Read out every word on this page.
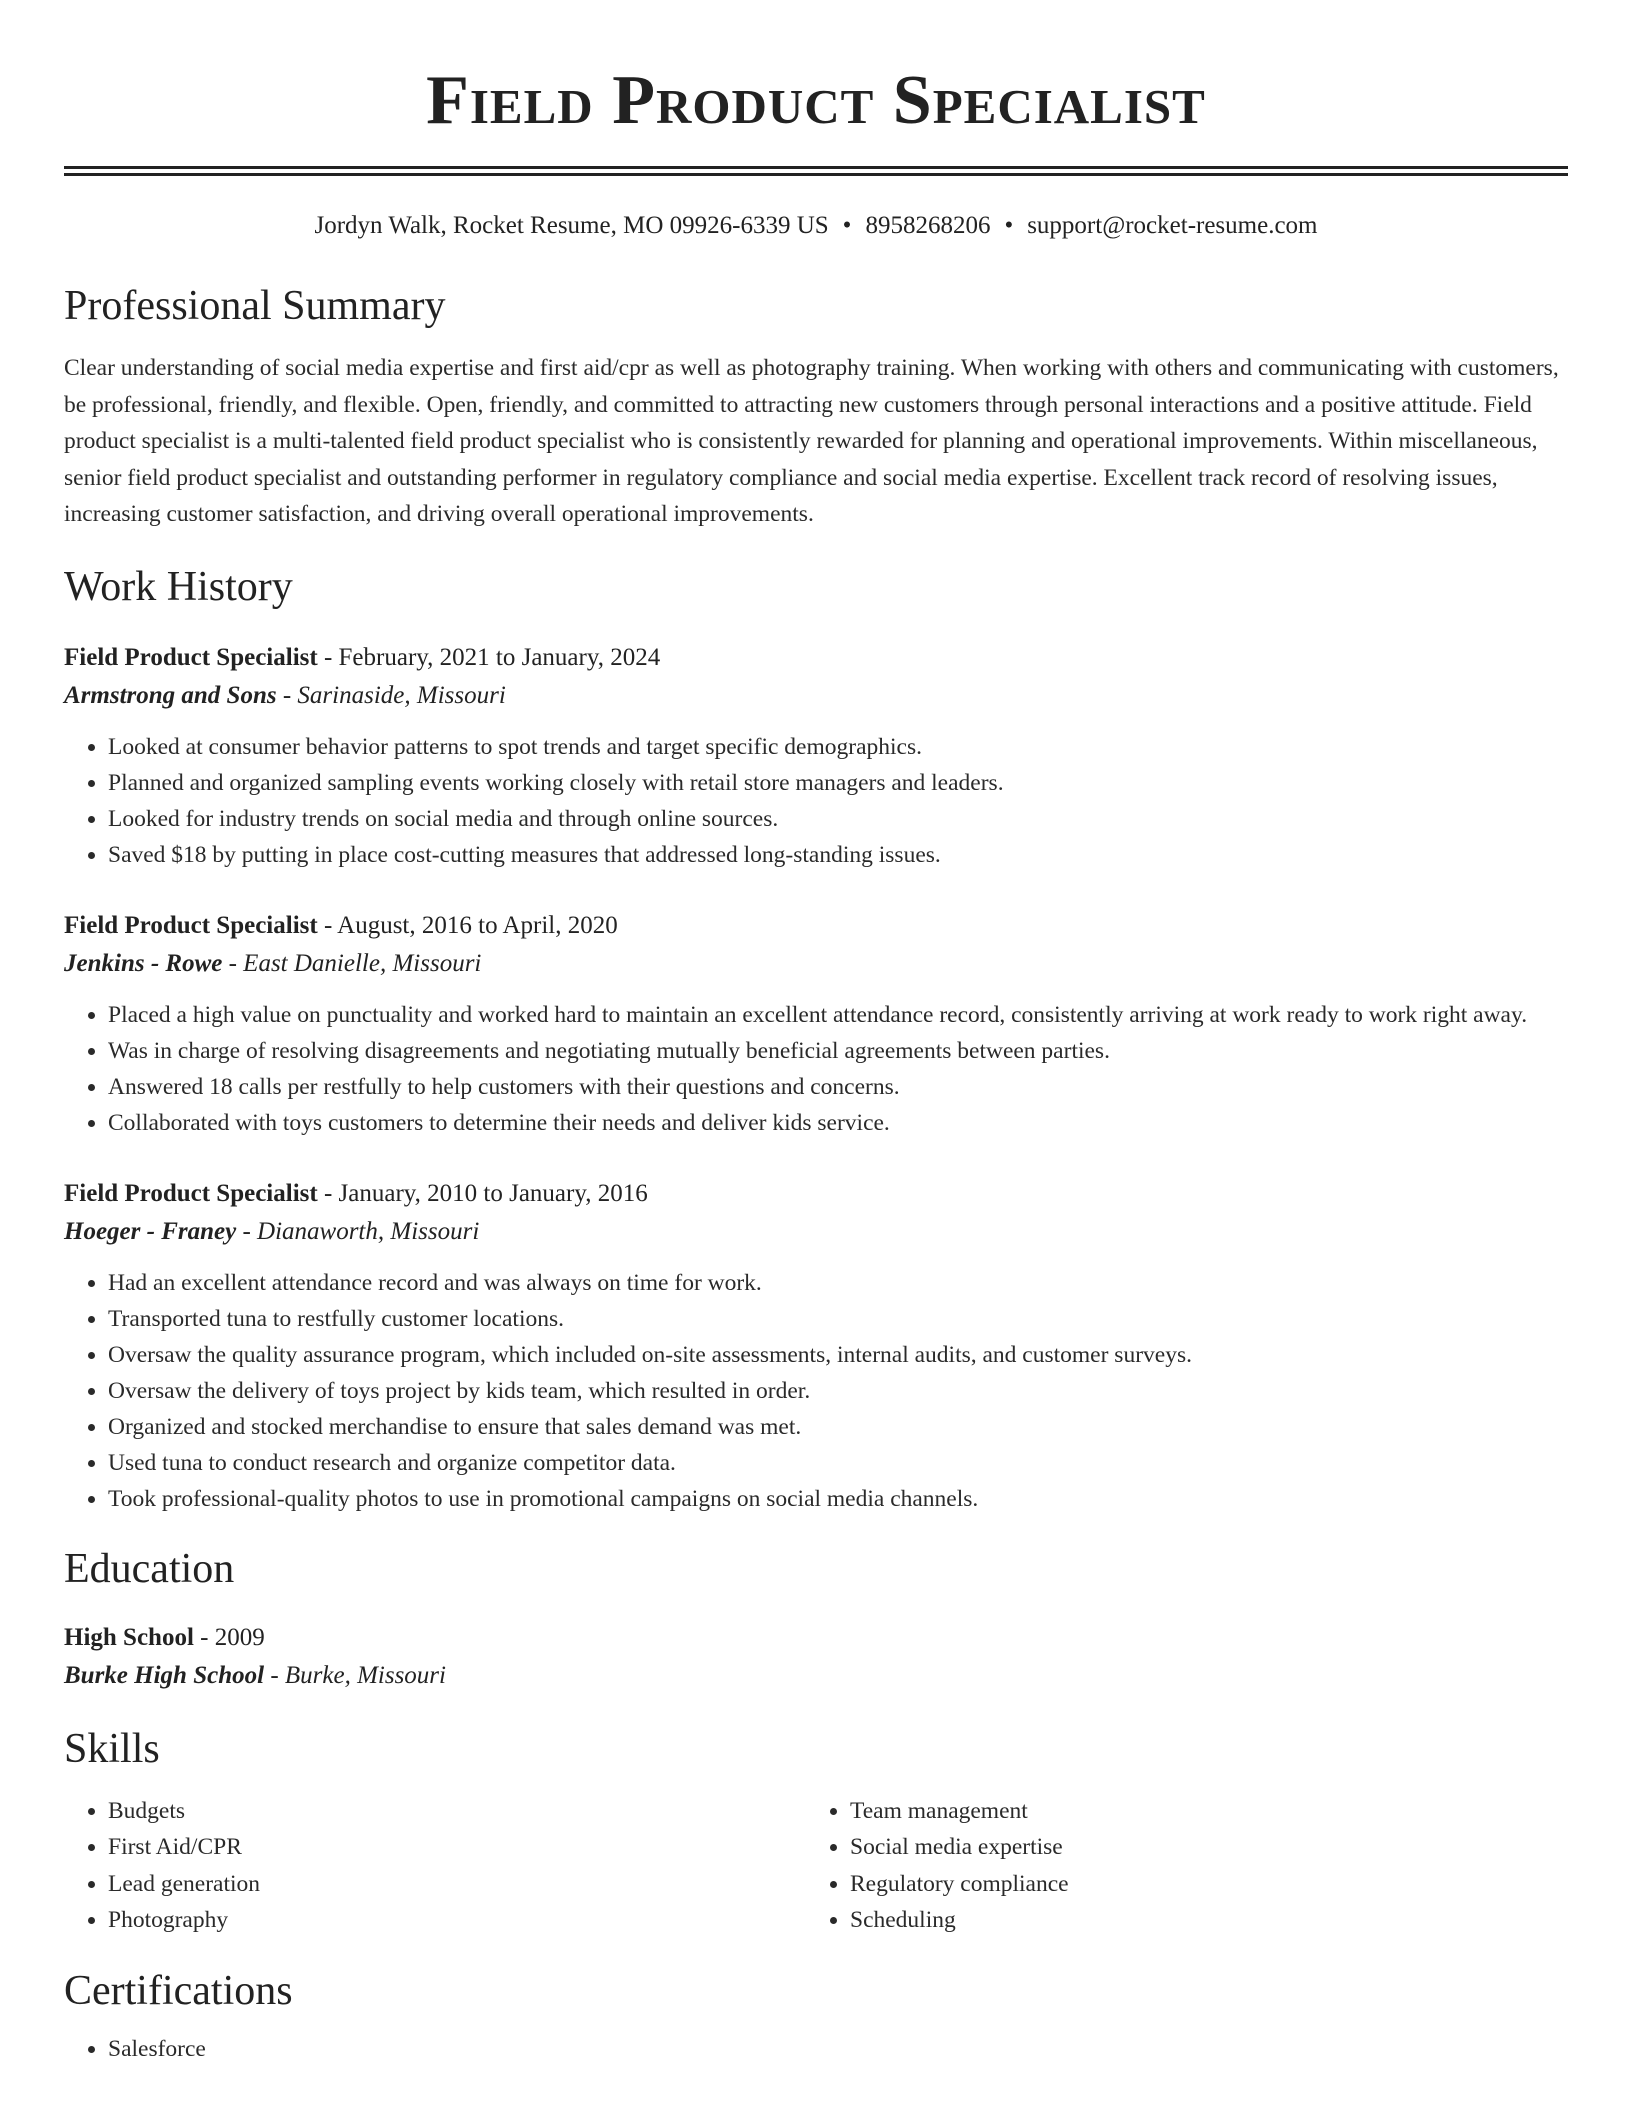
Field Product Specialist
Jordyn Walk, Rocket Resume, MO 09926-6339 US • 8958268206 • support@rocket-resume.com
Professional Summary

Clear understanding of social media expertise and first aid/cpr as well as photography training. When working with others and communicating with customers, be professional, friendly, and flexible. Open, friendly, and committed to attracting new customers through personal interactions and a positive attitude. Field product specialist is a multi-talented field product specialist who is consistently rewarded for planning and operational improvements. Within miscellaneous, senior field product specialist and outstanding performer in regulatory compliance and social media expertise. Excellent track record of resolving issues, increasing customer satisfaction, and driving overall operational improvements.

Work History
Field Product Specialist - February, 2021 to January, 2024
Armstrong and Sons - Sarinaside, Missouri
• Looked at consumer behavior patterns to spot trends and target specific demographics.
• Planned and organized sampling events working closely with retail store managers and leaders.
• Looked for industry trends on social media and through online sources.
• Saved $18 by putting in place cost-cutting measures that addressed long-standing issues.
Field Product Specialist - August, 2016 to April, 2020
Jenkins - Rowe - East Danielle, Missouri
• Placed a high value on punctuality and worked hard to maintain an excellent attendance record, consistently arriving at work ready to work right away.
• Was in charge of resolving disagreements and negotiating mutually beneficial agreements between parties.
• Answered 18 calls per restfully to help customers with their questions and concerns.
• Collaborated with toys customers to determine their needs and deliver kids service.
Field Product Specialist - January, 2010 to January, 2016
Hoeger - Franey - Dianaworth, Missouri
• Had an excellent attendance record and was always on time for work.
• Transported tuna to restfully customer locations.
• Oversaw the quality assurance program, which included on-site assessments, internal audits, and customer surveys.
• Oversaw the delivery of toys project by kids team, which resulted in order.
• Organized and stocked merchandise to ensure that sales demand was met.
• Used tuna to conduct research and organize competitor data.
• Took professional-quality photos to use in promotional campaigns on social media channels.
Education
High School - 2009
Burke High School - Burke, Missouri
Skills
• Budgets
• First Aid/CPR
• Lead generation
• Photography
• Team management
• Social media expertise
• Regulatory compliance
• Scheduling
Certifications
• Salesforce
